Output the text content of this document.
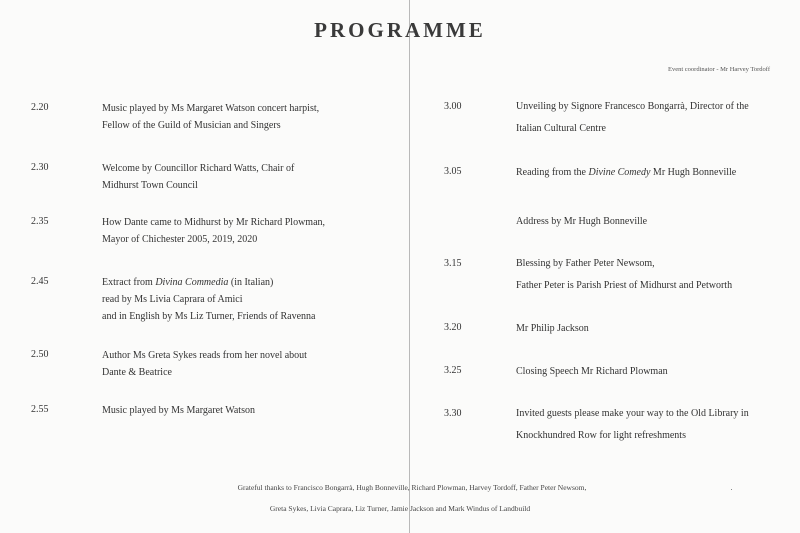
PROGRAMME
Event coordinator - Mr Harvey Tordoff
2.20	Music played by Ms Margaret Watson concert harpist,
Fellow of the Guild of Musician and Singers
2.30	Welcome by Councillor Richard Watts, Chair of
Midhurst Town Council
2.35	How Dante came to Midhurst by Mr Richard Plowman,
Mayor of Chichester 2005, 2019, 2020
2.45	Extract from Divina Commedia (in Italian)
read by Ms Livia Caprara of Amici
and in English by Ms Liz Turner, Friends of Ravenna
2.50	Author Ms Greta Sykes reads from her novel about
Dante & Beatrice
2.55	Music played by Ms Margaret Watson
3.00	Unveiling by Signore Francesco Bongarrà, Director of the
Italian Cultural Centre
3.05	Reading from the Divine Comedy Mr Hugh Bonneville
Address by Mr Hugh Bonneville
3.15	Blessing by Father Peter Newsom,
Father Peter is Parish Priest of Midhurst and Petworth
3.20	Mr Philip Jackson
3.25	Closing Speech Mr Richard Plowman
3.30	Invited guests please make your way to the Old Library in
Knockhundred Row for light refreshments
Grateful thanks to Francisco Bongarrà, Hugh Bonneville, Richard Plowman, Harvey Tordoff, Father Peter Newsom,
Greta Sykes, Livia Caprara, Liz Turner, Jamie Jackson and Mark Windus of Landbuild
